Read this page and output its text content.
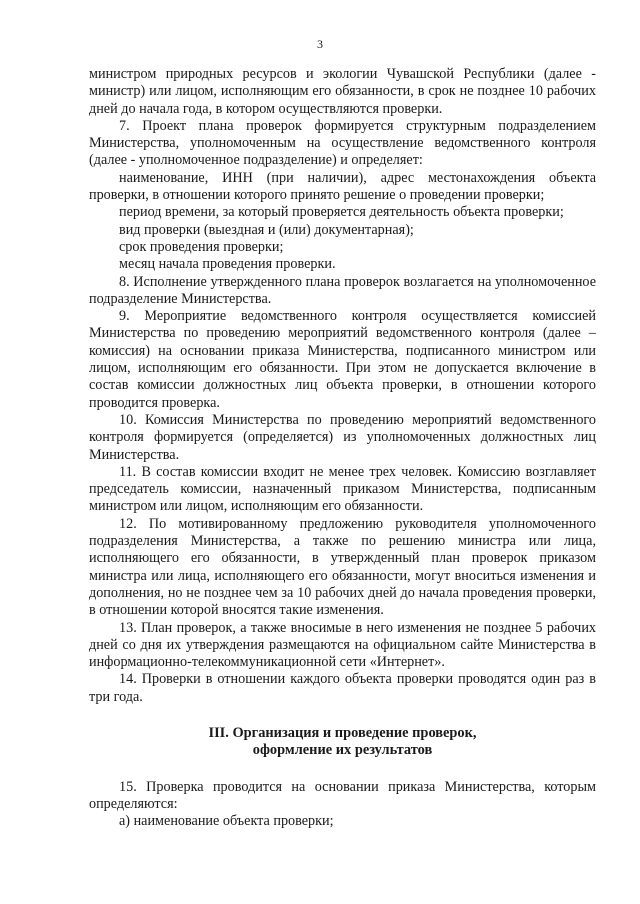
3

министром природных ресурсов и экологии Чувашской Республики (далее - министр) или лицом, исполняющим его обязанности, в срок не позднее 10 рабочих дней до начала года, в котором осуществляются проверки.

7. Проект плана проверок формируется структурным подразделением Министерства, уполномоченным на осуществление ведомственного контроля (далее - уполномоченное подразделение) и определяет:

наименование, ИНН (при наличии), адрес местонахождения объекта проверки, в отношении которого принято решение о проведении проверки;

период времени, за который проверяется деятельность объекта проверки;

вид проверки (выездная и (или) документарная);

срок проведения проверки;

месяц начала проведения проверки.

8. Исполнение утвержденного плана проверок возлагается на уполномоченное подразделение Министерства.

9. Мероприятие ведомственного контроля осуществляется комиссией Министерства по проведению мероприятий ведомственного контроля (далее – комиссия) на основании приказа Министерства, подписанного министром или лицом, исполняющим его обязанности. При этом не допускается включение в состав комиссии должностных лиц объекта проверки, в отношении которого проводится проверка.

10. Комиссия Министерства по проведению мероприятий ведомственного контроля формируется (определяется) из уполномоченных должностных лиц Министерства.

11. В состав комиссии входит не менее трех человек. Комиссию возглавляет председатель комиссии, назначенный приказом Министерства, подписанным министром или лицом, исполняющим его обязанности.

12. По мотивированному предложению руководителя уполномоченного подразделения Министерства, а также по решению министра или лица, исполняющего его обязанности, в утвержденный план проверок приказом министра или лица, исполняющего его обязанности, могут вноситься изменения и дополнения, но не позднее чем за 10 рабочих дней до начала проведения проверки, в отношении которой вносятся такие изменения.

13. План проверок, а также вносимые в него изменения не позднее 5 рабочих дней со дня их утверждения размещаются на официальном сайте Министерства в информационно-телекоммуникационной сети «Интернет».

14. Проверки в отношении каждого объекта проверки проводятся один раз в три года.

III. Организация и проведение проверок,
оформление их результатов

15. Проверка проводится на основании приказа Министерства, которым определяются:

а) наименование объекта проверки;
